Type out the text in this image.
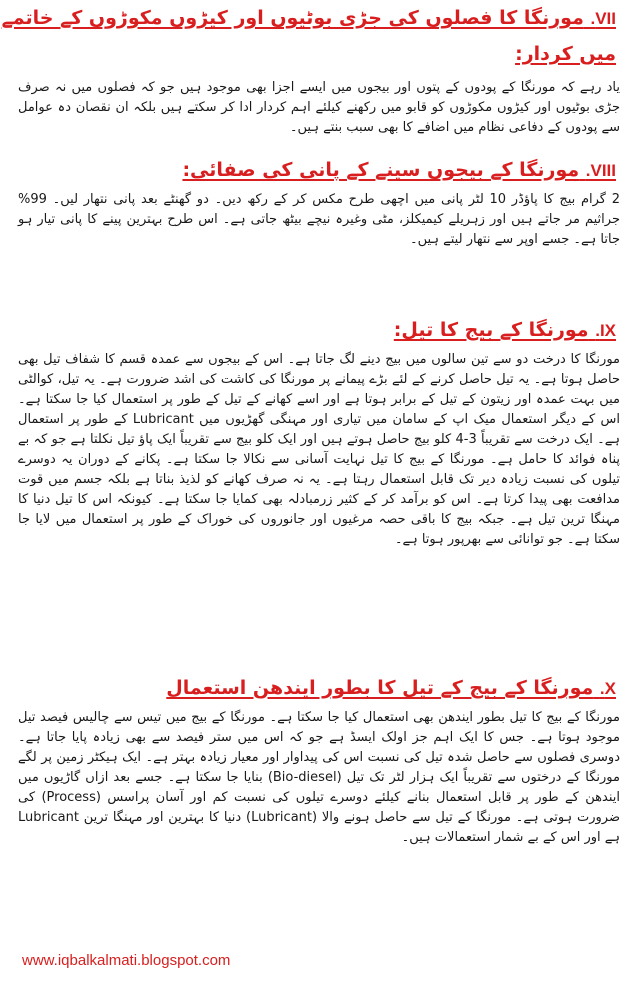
VII. مورنگا کا فصلوں کی جڑی بوٹیوں اور کیڑوں مکوڑوں کے خاتمے
میں کردار:

یاد رہے کہ مورنگا کے پودوں کے پتوں اور بیجوں میں ایسے اجزا بھی موجود ہیں جو کہ فصلوں میں نہ صرف جڑی بوٹیوں اور کیڑوں مکوڑوں کو قابو میں رکھنے کیلئے اہم کردار ادا کر سکتے ہیں بلکہ ان نقصان دہ عوامل سے پودوں کے دفاعی نظام میں اضافے کا بھی سبب بنتے ہیں۔

VIII. مورنگا کے بیجوں سینے کے پانی کی صفائی:

2 گرام بیج کا پاؤڈر 10 لٹر پانی میں اچھی طرح مکس کر کے رکھ دیں۔ دو گھنٹے بعد پانی نتھار لیں۔ 99% جراثیم مر جاتے ہیں اور زہریلے کیمیکلز، مٹی وغیرہ نیچے بیٹھ جاتی ہے۔ اس طرح بہترین پینے کا پانی تیار ہو جاتا ہے۔ جسے اوپر سے نتھار لیتے ہیں۔

IX. مورنگا کے بیج کا تیل:

مورنگا کا درخت دو سے تین سالوں میں بیج دینے لگ جاتا ہے۔ اس کے بیجوں سے عمدہ قسم کا شفاف تیل بھی حاصل ہوتا ہے۔ یہ تیل حاصل کرنے کے لئے بڑے پیمانے پر مورنگا کی کاشت کی اشد ضرورت ہے۔ یہ تیل، کوالٹی میں بہت عمدہ اور زیتون کے تیل کے برابر ہوتا ہے اور اسے کھانے کے تیل کے طور پر استعمال کیا جا سکتا ہے۔ اس کے دیگر استعمال میک اپ کے سامان میں تیاری اور مہنگی گھڑیوں میں Lubricant کے طور پر استعمال ہے۔ ایک درخت سے تقریباً 3-4 کلو بیج حاصل ہوتے ہیں اور ایک کلو بیج سے تقریباً ایک پاؤ تیل نکلتا ہے جو کہ بے پناہ فوائد کا حامل ہے۔ مورنگا کے بیج کا تیل نہایت آسانی سے نکالا جا سکتا ہے۔ پکانے کے دوران یہ دوسرے تیلوں کی نسبت زیادہ دیر تک قابل استعمال رہتا ہے۔ یہ نہ صرف کھانے کو لذیذ بناتا ہے بلکہ جسم میں قوت مدافعت بھی پیدا کرتا ہے۔ اس کو برآمد کر کے کثیر زرمبادلہ بھی کمایا جا سکتا ہے۔ کیونکہ اس کا تیل دنیا کا مہنگا ترین تیل ہے۔ جبکہ بیج کا باقی حصہ مرغیوں اور جانوروں کی خوراک کے طور پر استعمال میں لایا جا سکتا ہے۔ جو توانائی سے بھرپور ہوتا ہے۔

X. مورنگا کے بیج کے تیل کا بطور ایندھن استعمال

مورنگا کے بیج کا تیل بطور ایندھن بھی استعمال کیا جا سکتا ہے۔ مورنگا کے بیج میں تیس سے چالیس فیصد تیل موجود ہوتا ہے۔ جس کا ایک اہم جز اولک ایسڈ ہے جو کہ اس میں ستر فیصد سے بھی زیادہ پایا جاتا ہے۔ دوسری فصلوں سے حاصل شدہ تیل کی نسبت اس کی پیداوار اور معیار زیادہ بہتر ہے۔ ایک ہیکٹر زمین پر لگے مورنگا کے درختوں سے تقریباً ایک ہزار لٹر تک تیل (Bio-diesel) بنایا جا سکتا ہے۔ جسے بعد ازاں گاڑیوں میں ایندھن کے طور پر قابل استعمال بنانے کیلئے دوسرے تیلوں کی نسبت کم اور آسان پراسس (Process) کی ضرورت ہوتی ہے۔ مورنگا کے تیل سے حاصل ہونے والا (Lubricant) دنیا کا بہترین اور مہنگا ترین Lubricant ہے اور اس کے بے شمار استعمالات ہیں۔

www.iqbalkalmati.blogspot.com
